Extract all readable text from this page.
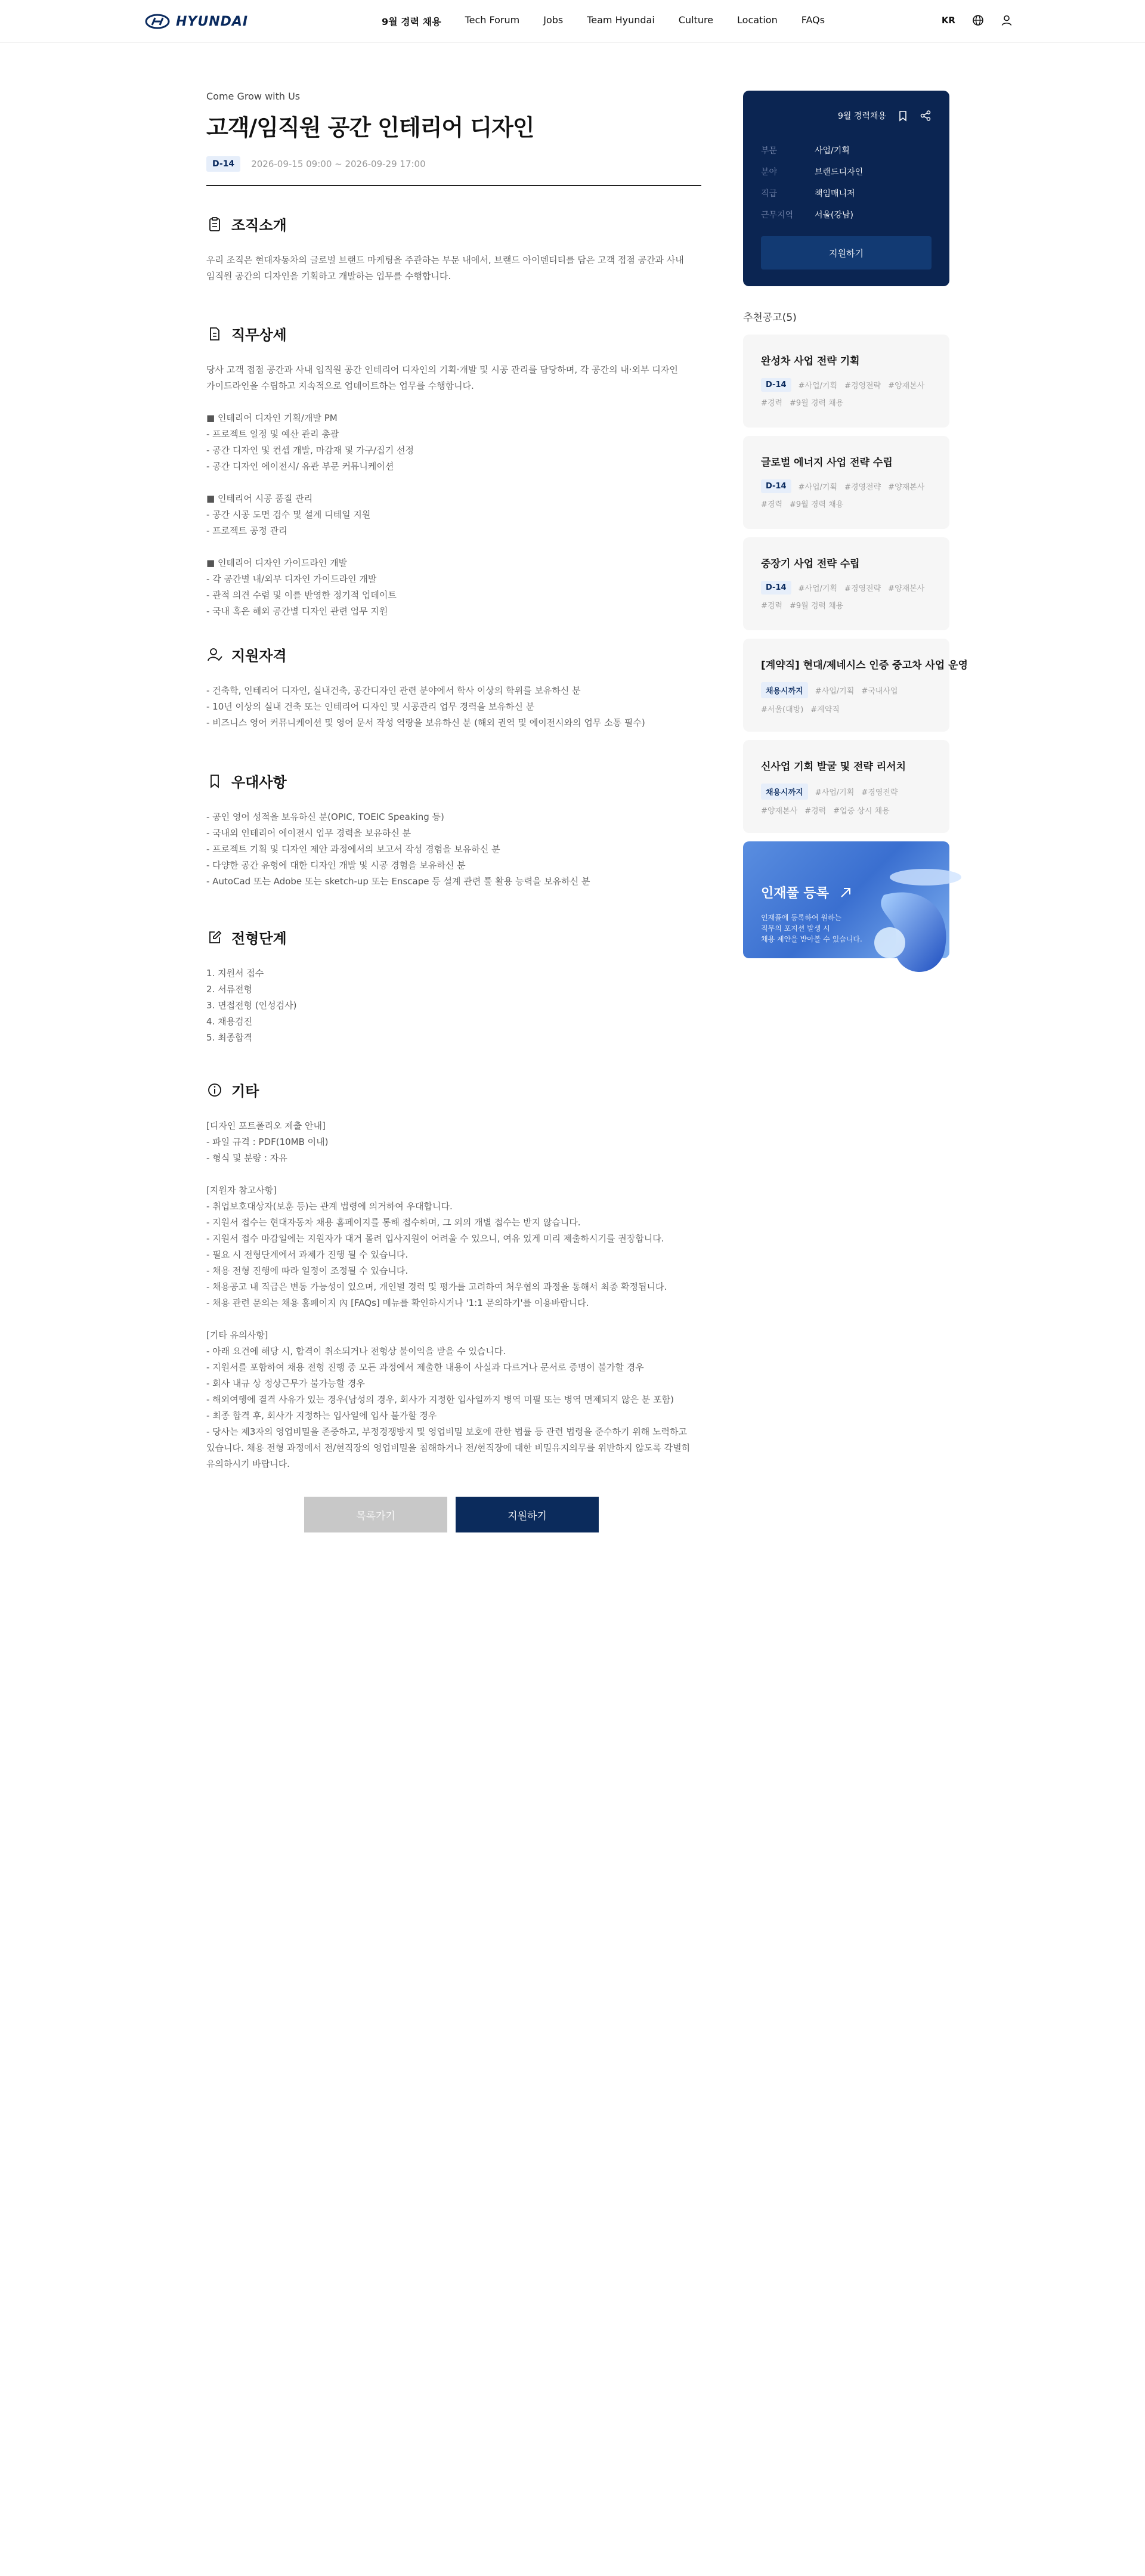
HYUNDAI	9월 경력 채용	Tech Forum	Jobs	Team Hyundai	Culture	Location	FAQs	KR
Come Grow with Us
고객/임직원 공간 인테리어 디자인
D-14	2026-09-15 09:00 ~ 2026-09-29 17:00
조직소개
우리 조직은 현대자동차의 글로벌 브랜드 마케팅을 주관하는 부문 내에서, 브랜드 아이덴티티를 담은 고객 접점 공간과 사내
임직원 공간의 디자인을 기획하고 개발하는 업무를 수행합니다.
직무상세
당사 고객 접점 공간과 사내 임직원 공간 인테리어 디자인의 기획·개발 및 시공 관리를 담당하며, 각 공간의 내·외부 디자인
가이드라인을 수립하고 지속적으로 업데이트하는 업무를 수행합니다.

■ 인테리어 디자인 기획/개발 PM
- 프로젝트 일정 및 예산 관리 총괄
- 공간 디자인 및 컨셉 개발, 마감재 및 가구/집기 선정
- 공간 디자인 에이전시/ 유관 부문 커뮤니케이션

■ 인테리어 시공 품질 관리
- 공간 시공 도면 검수 및 설계 디테일 지원
- 프로젝트 공정 관리

■ 인테리어 디자인 가이드라인 개발
- 각 공간별 내/외부 디자인 가이드라인 개발
- 관적 의견 수렴 및 이를 반영한 정기적 업데이트
- 국내 혹은 해외 공간별 디자인 관련 업무 지원
지원자격
- 건축학, 인테리어 디자인, 실내건축, 공간디자인 관련 분야에서 학사 이상의 학위를 보유하신 분
- 10년 이상의 실내 건축 또는 인테리어 디자인 및 시공관리 업무 경력을 보유하신 분
- 비즈니스 영어 커뮤니케이션 및 영어 문서 작성 역량을 보유하신 분 (해외 권역 및 에이전시와의 업무 소통 필수)
우대사항
- 공인 영어 성적을 보유하신 분(OPIC, TOEIC Speaking 등)
- 국내외 인테리어 에이전시 업무 경력을 보유하신 분
- 프로젝트 기획 및 디자인 제안 과정에서의 보고서 작성 경험을 보유하신 분
- 다양한 공간 유형에 대한 디자인 개발 및 시공 경험을 보유하신 분
- AutoCad 또는 Adobe 또는 sketch-up 또는 Enscape 등 설계 관련 툴 활용 능력을 보유하신 분
전형단계
1. 지원서 접수
2. 서류전형
3. 면접전형 (인성검사)
4. 채용검진
5. 최종합격
기타
[디자인 포트폴리오 제출 안내]
- 파일 규격 : PDF(10MB 이내)
- 형식 및 분량 : 자유

[지원자 참고사항]
- 취업보호대상자(보훈 등)는 관계 법령에 의거하여 우대합니다.
- 지원서 접수는 현대자동차 채용 홈페이지를 통해 접수하며, 그 외의 개별 접수는 받지 않습니다.
- 지원서 접수 마감일에는 지원자가 대거 몰려 입사지원이 어려울 수 있으니, 여유 있게 미리 제출하시기를 권장합니다.
- 필요 시 전형단계에서 과제가 진행 될 수 있습니다.
- 채용 전형 진행에 따라 일정이 조정될 수 있습니다.
- 채용공고 내 직급은 변동 가능성이 있으며, 개인별 경력 및 평가를 고려하여 처우협의 과정을 통해서 최종 확정됩니다.
- 채용 관련 문의는 채용 홈페이지 內 [FAQs] 메뉴를 확인하시거나 '1:1 문의하기'를 이용바랍니다.

[기타 유의사항]
- 아래 요건에 해당 시, 합격이 취소되거나 전형상 불이익을 받을 수 있습니다.
- 지원서를 포함하여 채용 전형 진행 중 모든 과정에서 제출한 내용이 사실과 다르거나 문서로 증명이 불가할 경우
- 회사 내규 상 정상근무가 불가능할 경우
- 해외여행에 결격 사유가 있는 경우(남성의 경우, 회사가 지정한 입사일까지 병역 미필 또는 병역 면제되지 않은 분 포함)
- 최종 합격 후, 회사가 지정하는 입사일에 입사 불가할 경우
- 당사는 제3자의 영업비밀을 존중하고, 부정경쟁방지 및 영업비밀 보호에 관한 법률 등 관련 법령을 준수하기 위해 노력하고
있습니다. 채용 전형 과정에서 전/현직장의 영업비밀을 침해하거나 전/현직장에 대한 비밀유지의무를 위반하지 않도록 각별히
유의하시기 바랍니다.
목록가기	지원하기
9월 경력채용
부문	사업/기획
분야	브랜드디자인
직급	책임매니저
근무지역	서울(강남)
지원하기
추천공고(5)
완성차 사업 전략 기획
D-14	#사업/기획 #경영전략 #양재본사
#경력 #9월 경력 채용
글로벌 에너지 사업 전략 수립
D-14	#사업/기획 #경영전략 #양재본사
#경력 #9월 경력 채용
중장기 사업 전략 수립
D-14	#사업/기획 #경영전략 #양재본사
#경력 #9월 경력 채용
[계약직] 현대/제네시스 인증 중고차 사업 운영
채용시까지	#사업/기획 #국내사업
#서울(대방) #계약직
신사업 기회 발굴 및 전략 리서치
채용시까지	#사업/기획 #경영전략
#양재본사 #경력 #업중 상시 채용
인재풀 등록
인재풀에 등록하여 원하는
직무의 포지션 발생 시
채용 제안을 받아볼 수 있습니다.
